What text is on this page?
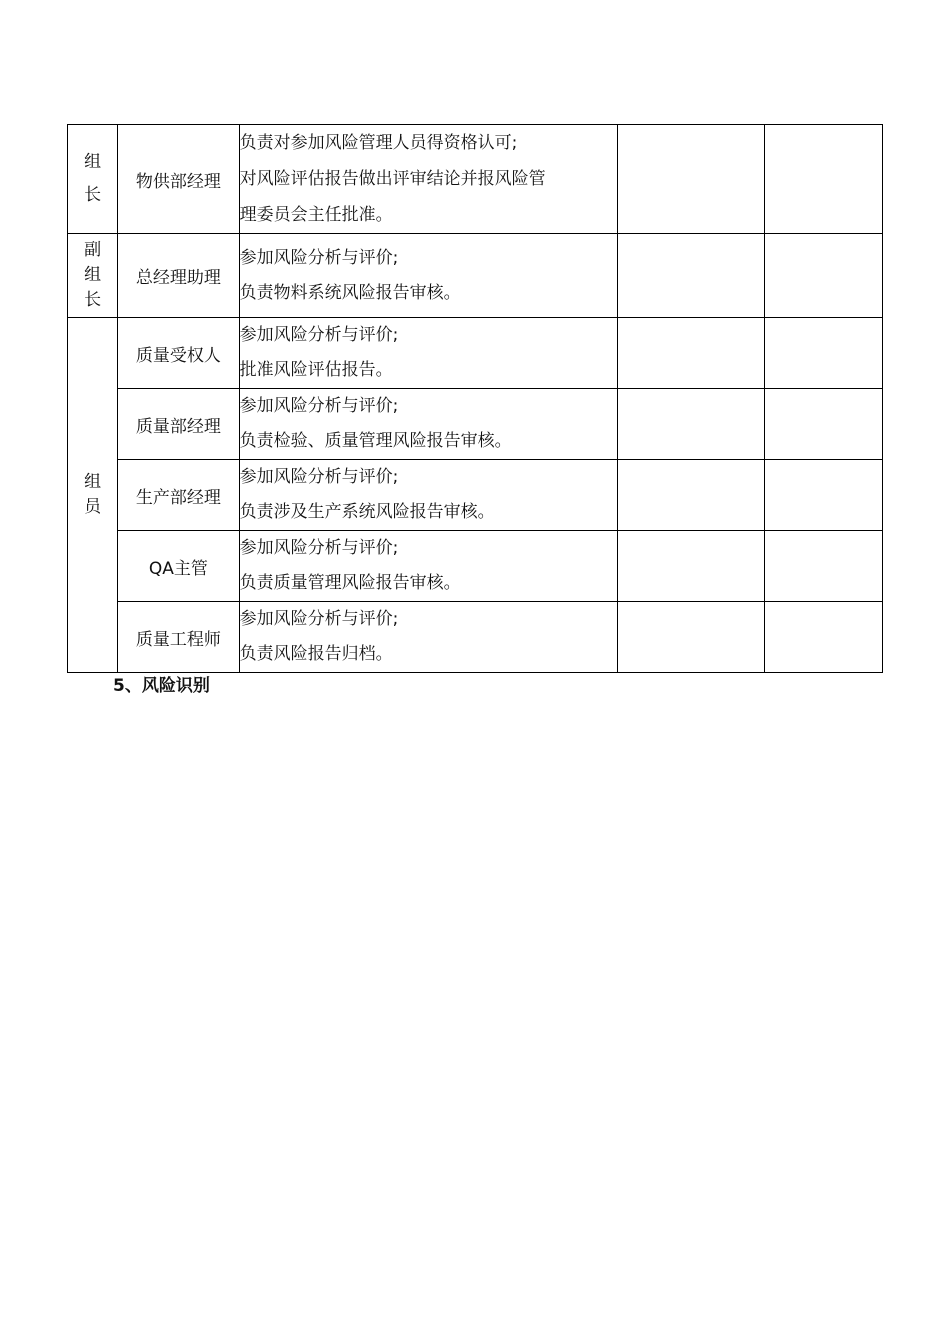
组长	物供部经理	负责对参加风险管理人员得资格认可;
对风险评估报告做出评审结论并报风险管
理委员会主任批准。		

副组长	总经理助理	参加风险分析与评价;
负责物料系统风险报告审核。		

组员	质量受权人	参加风险分析与评价;
批准风险评估报告。		

	质量部经理	参加风险分析与评价;
负责检验、质量管理风险报告审核。		

	生产部经理	参加风险分析与评价;
负责涉及生产系统风险报告审核。		

	QA主管	参加风险分析与评价;
负责质量管理风险报告审核。		

	质量工程师	参加风险分析与评价;
负责风险报告归档。		

5、风险识别
